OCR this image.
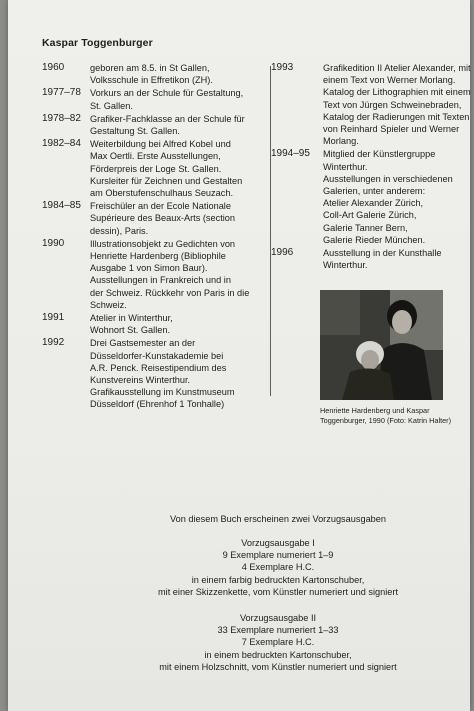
Kaspar Toggenburger
1960	geboren am 8.5. in St Gallen,
Volksschule in Effretikon (ZH).
1977–78 Vorkurs an der Schule für Gestaltung,
St. Gallen.
1978–82 Grafiker-Fachklasse an der Schule für
Gestaltung St. Gallen.
1982–84 Weiterbildung bei Alfred Kobel und
Max Oertli. Erste Ausstellungen,
Förderpreis der Loge St. Gallen.
Kursleiter für Zeichnen und Gestalten
am Oberstufenschulhaus Seuzach.
1984–85 Freischüler an der Ecole Nationale
Supérieure des Beaux-Arts (section
dessin), Paris.
1990	Illustrationsobjekt zu Gedichten von
Henriette Hardenberg (Bibliophile
Ausgabe 1 von Simon Baur).
Ausstellungen in Frankreich und in
der Schweiz. Rückkehr von Paris in die
Schweiz.
1991	Atelier in Winterthur,
Wohnort St. Gallen.
1992	Drei Gastsemester an der
Düsseldorfer-Kunstakademie bei
A.R. Penck. Reisestipendium des
Kunstvereins Winterthur.
Grafikausstellung im Kunstmuseum
Düsseldorf (Ehrenhof 1 Tonhalle)
1993	Grafikedition II Atelier Alexander, mit
einem Text von Werner Morlang.
Katalog der Lithographien mit einem
Text von Jürgen Schweinebraden,
Katalog der Radierungen mit Texten
von Reinhard Spieler und Werner
Morlang.
1994–95	Mitglied der Künstlergruppe
Winterthur.
Ausstellungen in verschiedenen
Galerien, unter anderem:
Atelier Alexander Zürich,
Coll-Art Galerie Zürich,
Galerie Tanner Bern,
Galerie Rieder München.
1996	Ausstellung in der Kunsthalle
Winterthur.
Henriette Hardenberg und Kaspar
Toggenburger, 1990 (Foto: Katrin Halter)
Von diesem Buch erscheinen zwei Vorzugsausgaben
Vorzugsausgabe I
9 Exemplare numeriert 1–9
4 Exemplare H.C.
in einem farbig bedruckten Kartonschuber,
mit einer Skizzenkette, vom Künstler numeriert und signiert
Vorzugsausgabe II
33 Exemplare numeriert 1–33
7 Exemplare H.C.
in einem bedruckten Kartonschuber,
mit einem Holzschnitt, vom Künstler numeriert und signiert
